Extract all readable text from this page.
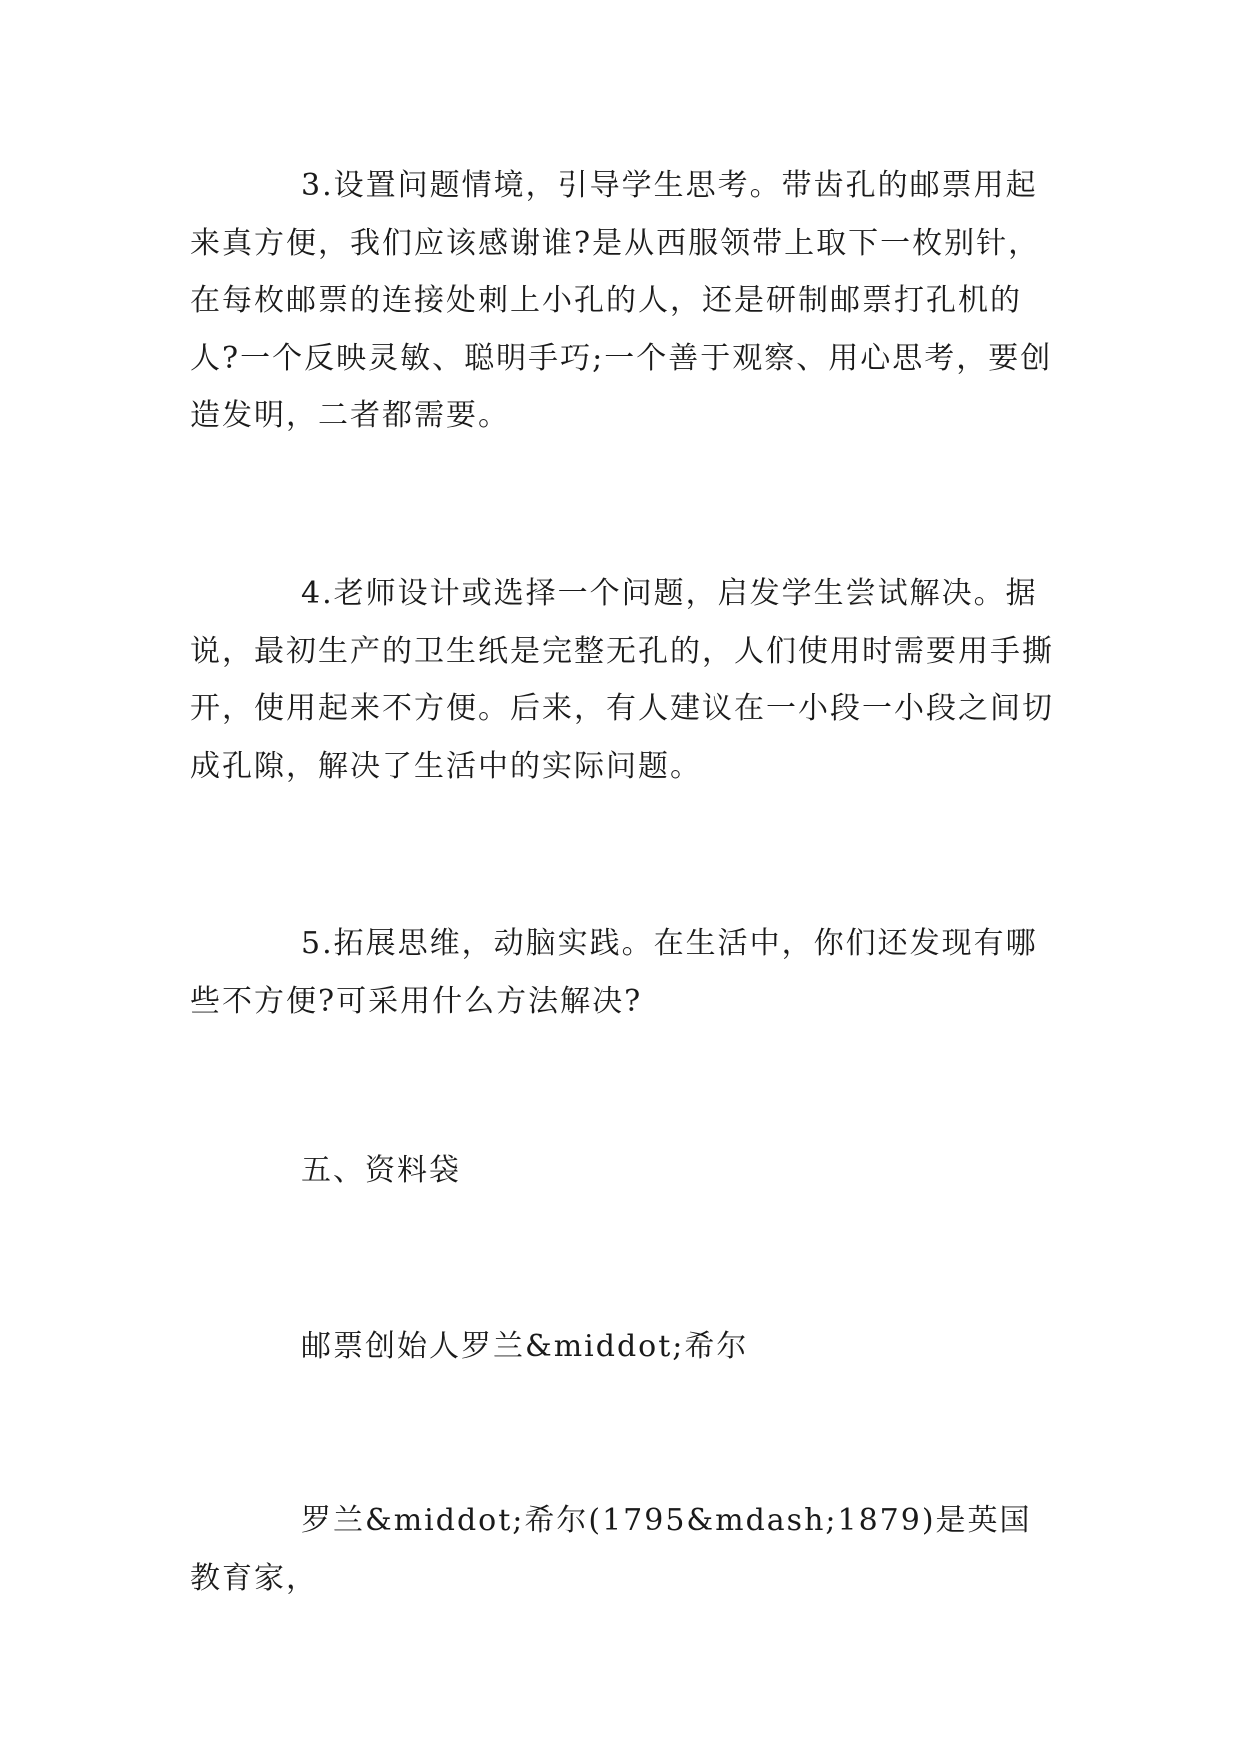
3.设置问题情境，引导学生思考。带齿孔的邮票用起来真方便，我们应该感谢谁?是从西服领带上取下一枚别针，在每枚邮票的连接处刺上小孔的人，还是研制邮票打孔机的人?一个反映灵敏、聪明手巧;一个善于观察、用心思考，要创造发明，二者都需要。

4.老师设计或选择一个问题，启发学生尝试解决。据说，最初生产的卫生纸是完整无孔的，人们使用时需要用手撕开，使用起来不方便。后来，有人建议在一小段一小段之间切成孔隙，解决了生活中的实际问题。

5.拓展思维，动脑实践。在生活中，你们还发现有哪些不方便?可采用什么方法解决?

五、资料袋

邮票创始人罗兰&middot;希尔

罗兰&middot;希尔(1795&mdash;1879)是英国教育家，
